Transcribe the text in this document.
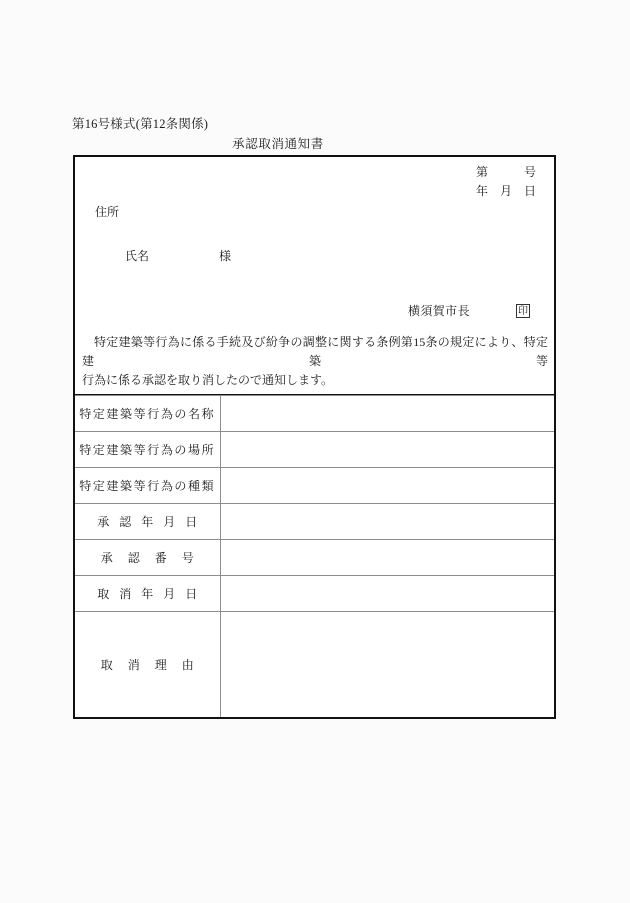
第16号様式(第12条関係)
承認取消通知書
第　　　号
年　月　日
住所

氏名	様

横須賀市長	印
特定建築等行為に係る手続及び紛争の調整に関する条例第15条の規定により、特定建築等
行為に係る承認を取り消したので通知します。
特定建築等行為の名称	
特定建築等行為の場所	
特定建築等行為の種類	
承認年月日	
承認番号	
取消年月日	
取消理由	
